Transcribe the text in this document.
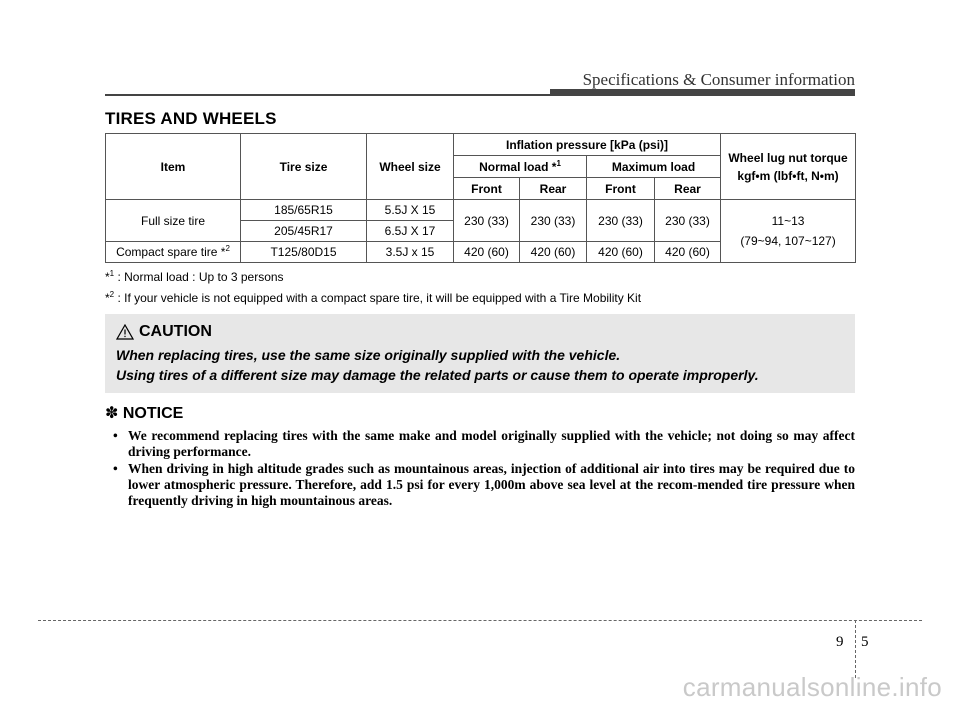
Specifications & Consumer information
TIRES AND WHEELS
Item	Tire size	Wheel size	Inflation pressure [kPa (psi)]				Wheel lug nut torque
kgf•m (lbf•ft, N•m)
			Normal load *$^1$		Maximum load		
			Front	Rear	Front	Rear	
Full size tire	185/65R15	5.5J X 15	230 (33)	230 (33)	230 (33)	230 (33)	11~13
(79~94, 107~127)
	205/45R17	6.5J X 17					
Compact spare tire *$^2$	T125/80D15	3.5J x 15	420 (60)	420 (60)	420 (60)	420 (60)	
*$^1$ : Normal load : Up to 3 persons
*$^2$ : If your vehicle is not equipped with a compact spare tire, it will be equipped with a Tire Mobility Kit
CAUTION
When replacing tires, use the same size originally supplied with the vehicle.
Using tires of a different size may damage the related parts or cause them to operate improperly.
✽ NOTICE
• We recommend replacing tires with the same make and model originally supplied with the vehicle; not doing so may affect driving performance.
• When driving in high altitude grades such as mountainous areas, injection of additional air into tires may be required due to lower atmospheric pressure. Therefore, add 1.5 psi for every 1,000m above sea level at the recom-mended tire pressure when frequently driving in high mountainous areas.
9 5
carmanualsonline.info
